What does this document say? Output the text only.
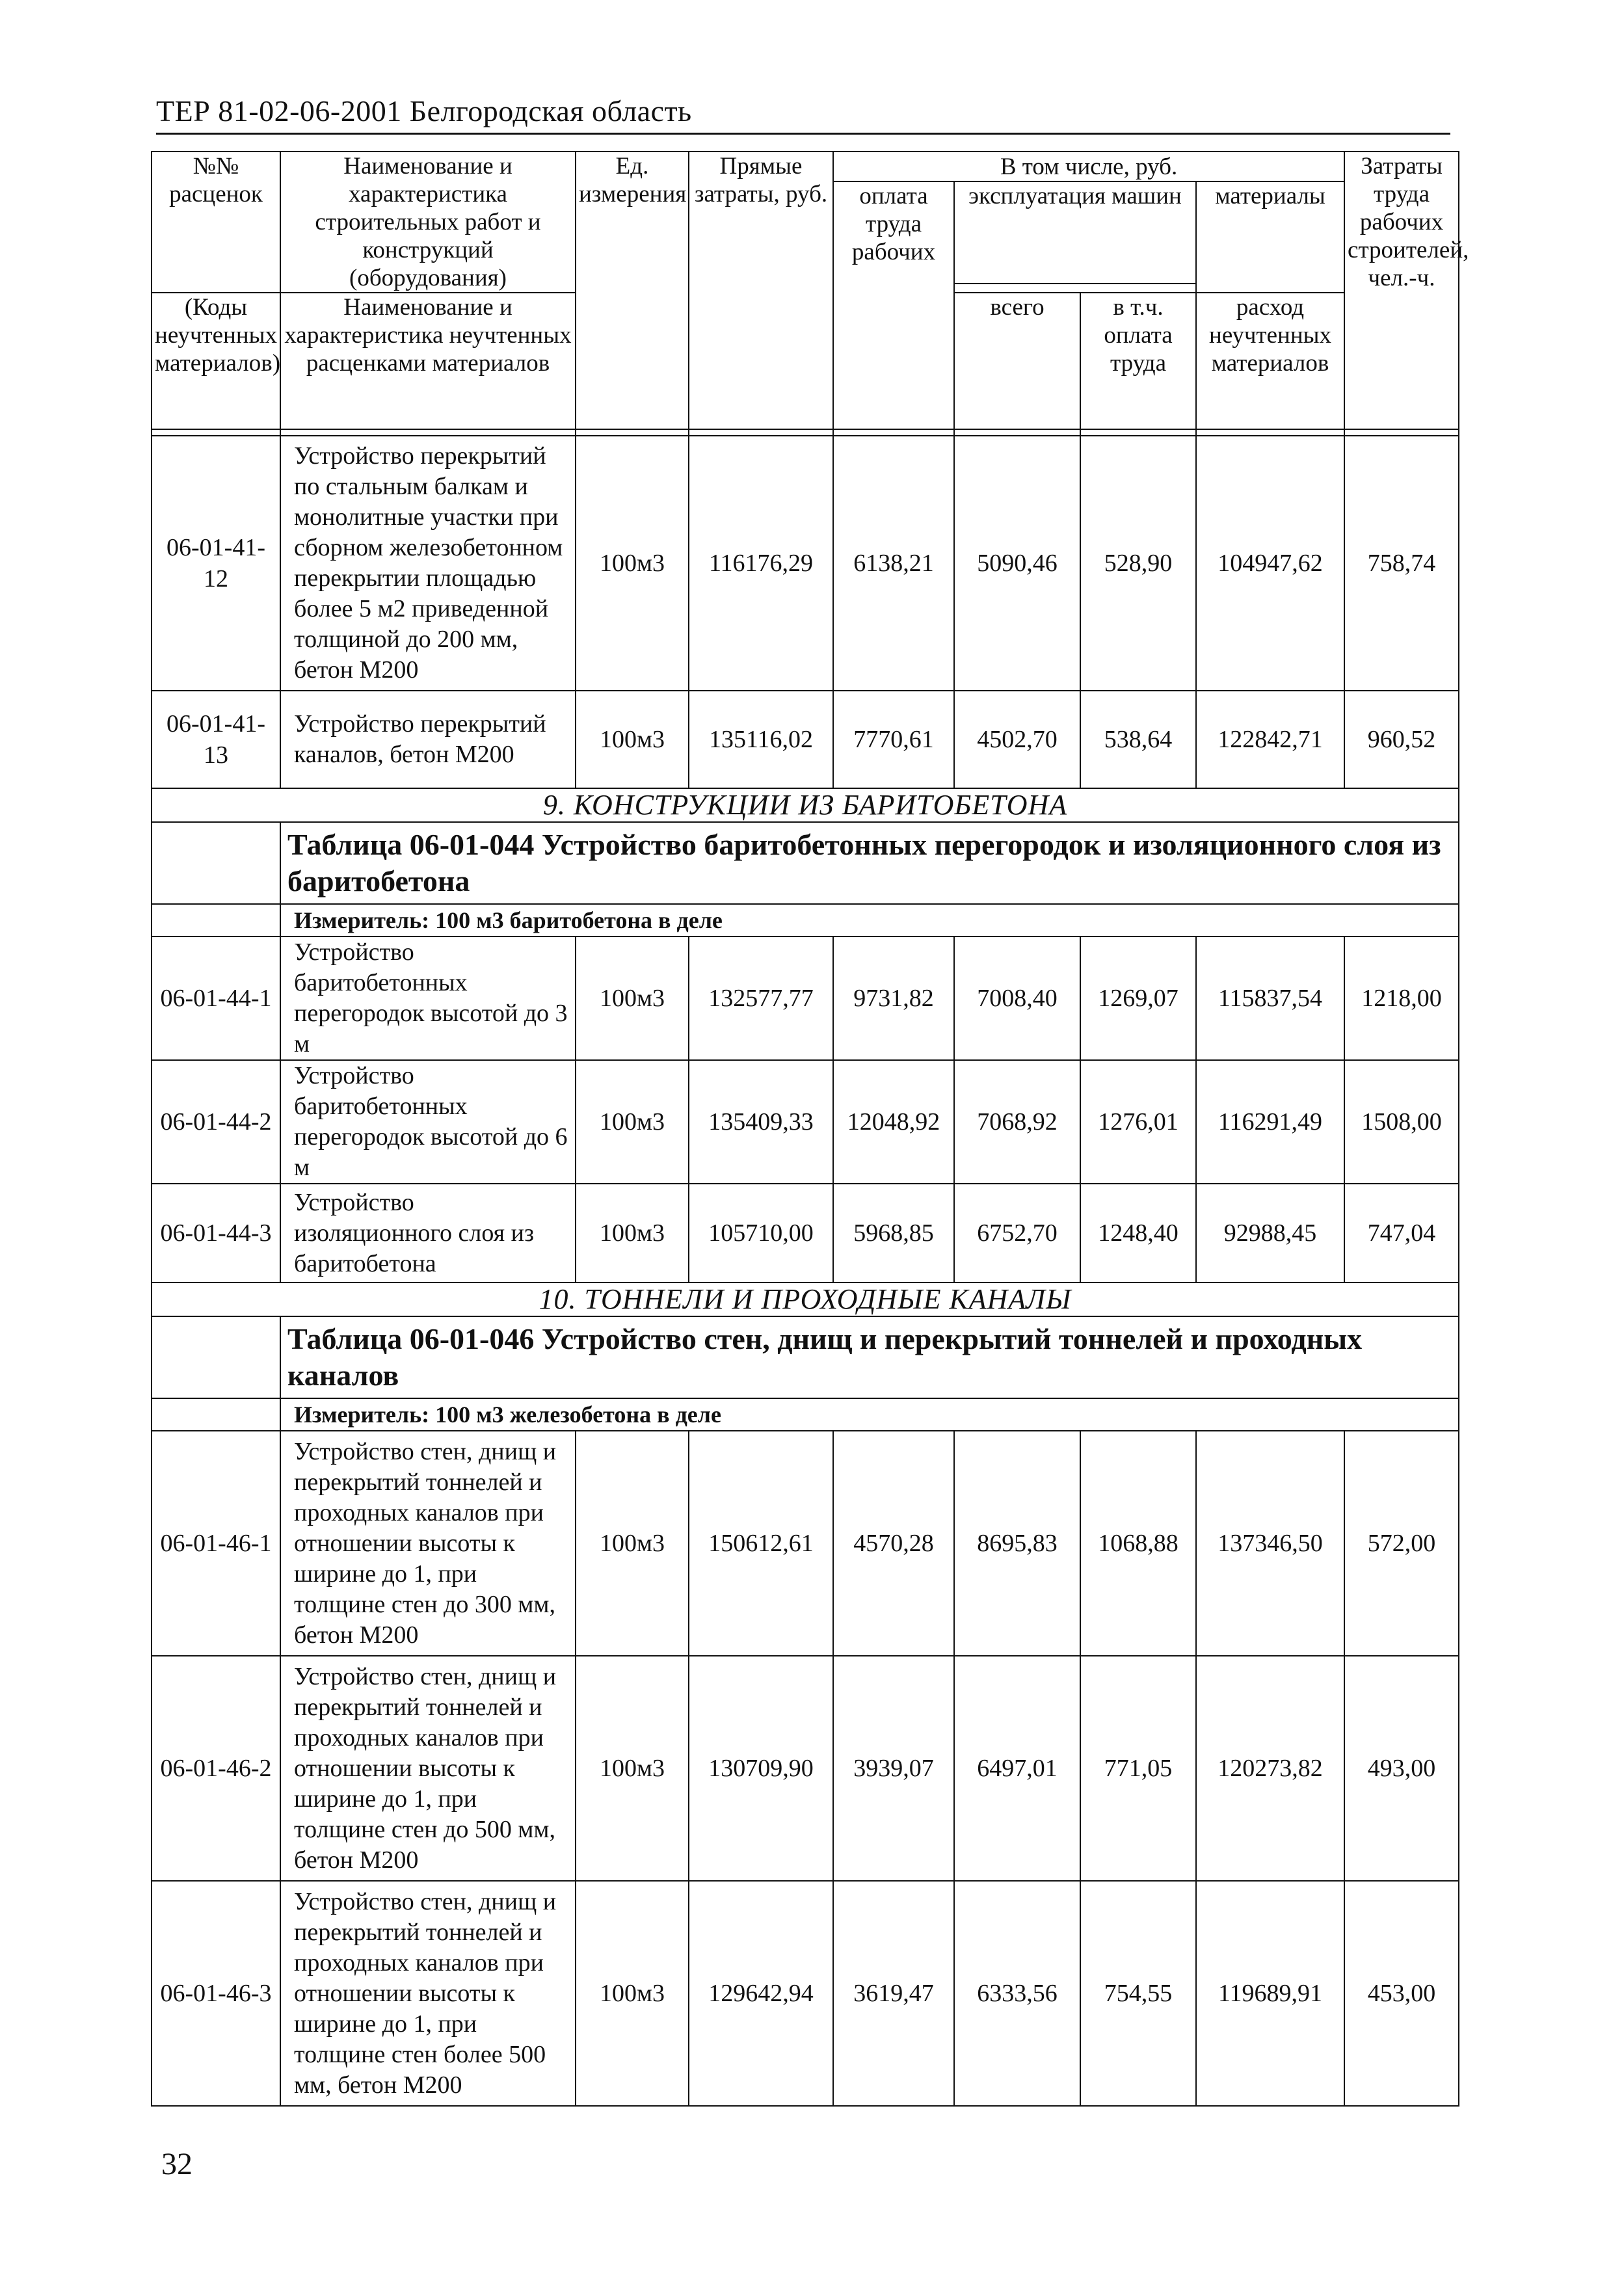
ТЕР 81-02-06-2001 Белгородская область
№№ расценок	Наименование и характеристика строительных работ и конструкций (оборудования)	Ед. измерения	Прямые затраты, руб.	В том числе, руб.				Затраты труда рабочих строителей, чел.-ч.
				оплата труда рабочих	эксплуатация машин		материалы	

(Коды неучтенных материалов)	Наименование и характеристика неучтенных расценками материалов				всего	в т.ч. оплата труда	расход неучтенных материалов	

06-01-41-12	Устройство перекрытий по стальным балкам и монолитные участки при сборном железобетонном перекрытии площадью более 5 м2 приведенной толщиной до 200 мм, бетон М200	100м3	116176,29	6138,21	5090,46	528,90	104947,62	758,74
06-01-41-13	Устройство перекрытий каналов, бетон М200	100м3	135116,02	7770,61	4502,70	538,64	122842,71	960,52
9. КОНСТРУКЦИИ ИЗ БАРИТОБЕТОНА								
	Таблица 06-01-044 Устройство баритобетонных перегородок и изоляционного слоя из баритобетона							
	Измеритель: 100 м3 баритобетона в деле							
06-01-44-1	Устройство баритобетонных перегородок высотой до 3 м	100м3	132577,77	9731,82	7008,40	1269,07	115837,54	1218,00
06-01-44-2	Устройство баритобетонных перегородок высотой до 6 м	100м3	135409,33	12048,92	7068,92	1276,01	116291,49	1508,00
06-01-44-3	Устройство изоляционного слоя из баритобетона	100м3	105710,00	5968,85	6752,70	1248,40	92988,45	747,04
10. ТОННЕЛИ И ПРОХОДНЫЕ КАНАЛЫ								
	Таблица 06-01-046 Устройство стен, днищ и перекрытий тоннелей и проходных каналов							
	Измеритель: 100 м3 железобетона в деле							
06-01-46-1	Устройство стен, днищ и перекрытий тоннелей и проходных каналов при отношении высоты к ширине до 1, при толщине стен до 300 мм, бетон М200	100м3	150612,61	4570,28	8695,83	1068,88	137346,50	572,00
06-01-46-2	Устройство стен, днищ и перекрытий тоннелей и проходных каналов при отношении высоты к ширине до 1, при толщине стен до 500 мм, бетон М200	100м3	130709,90	3939,07	6497,01	771,05	120273,82	493,00
06-01-46-3	Устройство стен, днищ и перекрытий тоннелей и проходных каналов при отношении высоты к ширине до 1, при толщине стен более 500 мм, бетон М200	100м3	129642,94	3619,47	6333,56	754,55	119689,91	453,00
32
